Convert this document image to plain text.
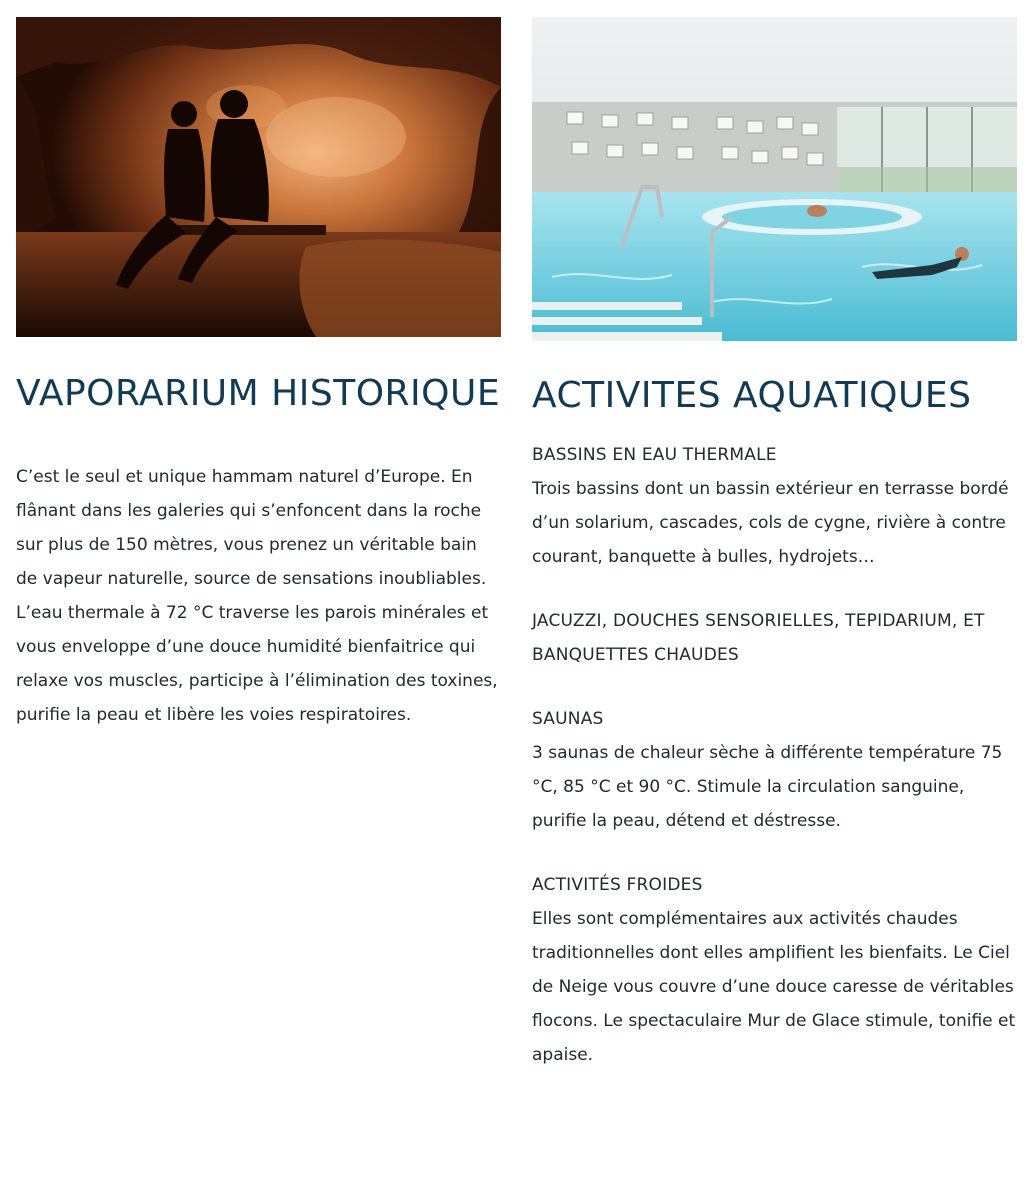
VAPORARIUM HISTORIQUE

C’est le seul et unique hammam naturel d’Europe. En flânant dans les galeries qui s’enfoncent dans la roche sur plus de 150 mètres, vous prenez un véritable bain de vapeur naturelle, source de sensations inoubliables. L’eau thermale à 72 °C traverse les parois minérales et vous enveloppe d’une douce humidité bienfaitrice qui relaxe vos muscles, participe à l’élimination des toxines, purifie la peau et libère les voies respiratoires.

ACTIVITES AQUATIQUES

BASSINS EN EAU THERMALE

Trois bassins dont un bassin extérieur en terrasse bordé d’un solarium, cascades, cols de cygne, rivière à contre courant, banquette à bulles, hydrojets…

JACUZZI, DOUCHES SENSORIELLES, TEPIDARIUM, ET BANQUETTES CHAUDES

SAUNAS

3 saunas de chaleur sèche à différente température 75 °C, 85 °C et 90 °C. Stimule la circulation sanguine, purifie la peau, détend et déstresse.

ACTIVITÉS FROIDES

Elles sont complémentaires aux activités chaudes traditionnelles dont elles amplifient les bienfaits. Le Ciel de Neige vous couvre d’une douce caresse de véritables flocons. Le spectaculaire Mur de Glace stimule, tonifie et apaise.
